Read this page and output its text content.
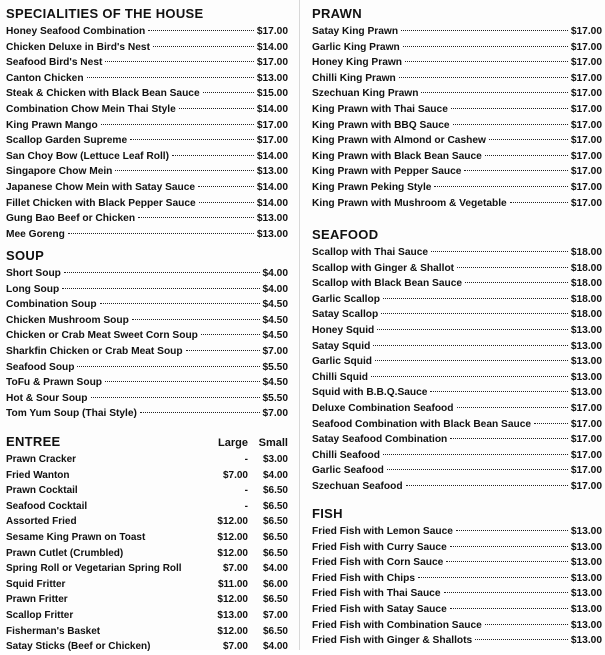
SPECIALITIES OF THE HOUSE
Honey Seafood Combination	$17.00
Chicken Deluxe in Bird's Nest	$14.00
Seafood Bird's Nest	$17.00
Canton Chicken	$13.00
Steak & Chicken with Black Bean Sauce	$15.00
Combination Chow Mein Thai Style	$14.00
King Prawn Mango	$17.00
Scallop Garden Supreme	$17.00
San Choy Bow (Lettuce Leaf Roll)	$14.00
Singapore Chow Mein	$13.00
Japanese Chow Mein with Satay Sauce	$14.00
Fillet Chicken with Black Pepper Sauce	$14.00
Gung Bao Beef or Chicken	$13.00
Mee Goreng	$13.00
SOUP
Short Soup	$4.00
Long Soup	$4.00
Combination Soup	$4.50
Chicken Mushroom Soup	$4.50
Chicken or Crab Meat Sweet Corn Soup	$4.50
Sharkfin Chicken or Crab Meat Soup	$7.00
Seafood Soup	$5.50
ToFu & Prawn Soup	$4.50
Hot & Sour Soup	$5.50
Tom Yum Soup (Thai Style)	$7.00
ENTREE	Large Small
Prawn Cracker	-	$3.00
Fried Wanton	$7.00	$4.00
Prawn Cocktail	-	$6.50
Seafood Cocktail	-	$6.50
Assorted Fried	$12.00	$6.50
Sesame King Prawn on Toast	$12.00	$6.50
Prawn Cutlet (Crumbled)	$12.00	$6.50
Spring Roll or Vegetarian Spring Roll	$7.00	$4.00
Squid Fritter	$11.00	$6.00
Prawn Fritter	$12.00	$6.50
Scallop Fritter	$13.00	$7.00
Fisherman's Basket	$12.00	$6.50
Satay Sticks (Beef or Chicken)	$7.00	$4.00
PRAWN
Satay King Prawn	$17.00
Garlic King Prawn	$17.00
Honey King Prawn	$17.00
Chilli King Prawn	$17.00
Szechuan King Prawn	$17.00
King Prawn with Thai Sauce	$17.00
King Prawn with BBQ Sauce	$17.00
King Prawn with Almond or Cashew	$17.00
King Prawn with Black Bean Sauce	$17.00
King Prawn with Pepper Sauce	$17.00
King Prawn Peking Style	$17.00
King Prawn with Mushroom & Vegetable	$17.00
SEAFOOD
Scallop with Thai Sauce	$18.00
Scallop with Ginger & Shallot	$18.00
Scallop with Black Bean Sauce	$18.00
Garlic Scallop	$18.00
Satay Scallop	$18.00
Honey Squid	$13.00
Satay Squid	$13.00
Garlic Squid	$13.00
Chilli Squid	$13.00
Squid with B.B.Q.Sauce	$13.00
Deluxe Combination Seafood	$17.00
Seafood Combination with Black Bean Sauce	$17.00
Satay Seafood Combination	$17.00
Chilli Seafood	$17.00
Garlic Seafood	$17.00
Szechuan Seafood	$17.00
FISH
Fried Fish with Lemon Sauce	$13.00
Fried Fish with Curry Sauce	$13.00
Fried Fish with Corn Sauce	$13.00
Fried Fish with Chips	$13.00
Fried Fish with Thai Sauce	$13.00
Fried Fish with Satay Sauce	$13.00
Fried Fish with Combination Sauce	$13.00
Fried Fish with Ginger & Shallots	$13.00
